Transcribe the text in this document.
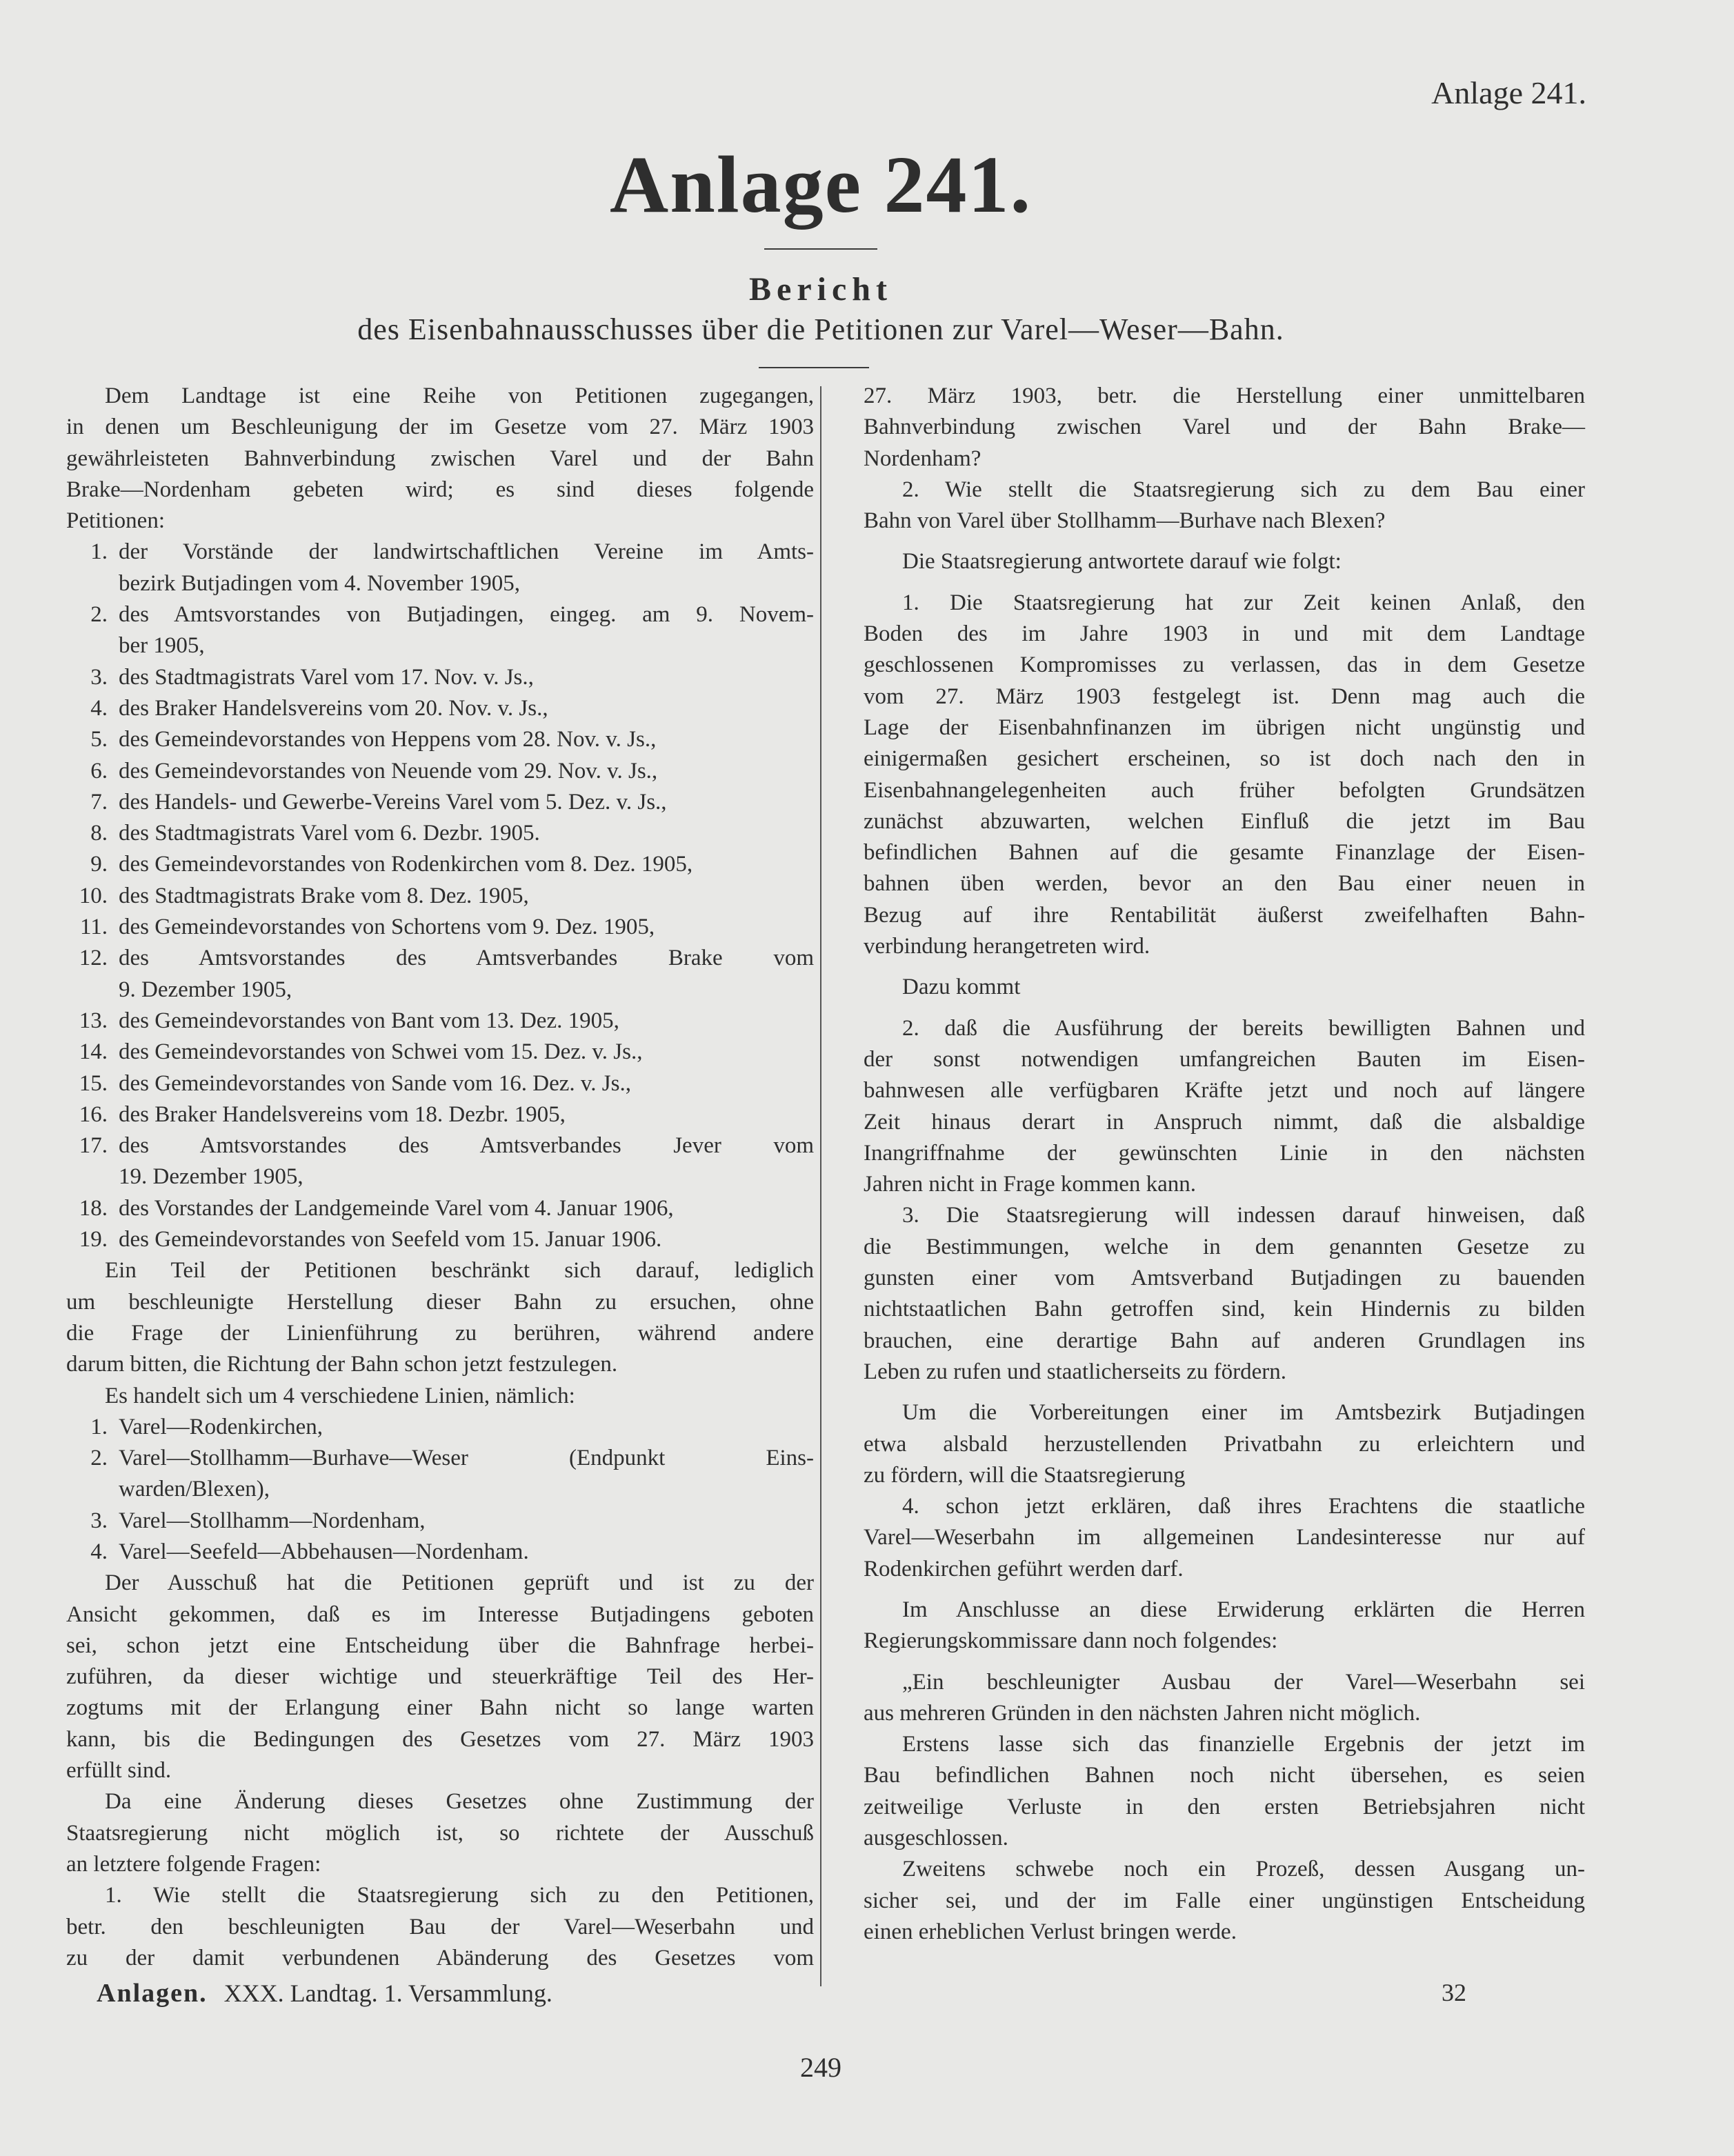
Anlage 241.
Anlage 241.
Bericht
des Eisenbahnausschusses über die Petitionen zur Varel—Weser—Bahn.
Dem Landtage ist eine Reihe von Petitionen zugegangen,
in denen um Beschleunigung der im Gesetze vom 27. März 1903
gewährleisteten Bahnverbindung zwischen Varel und der Bahn
Brake—Nordenham gebeten wird; es sind dieses folgende
Petitionen:
1. der Vorstände der landwirtschaftlichen Vereine im Amts-
bezirk Butjadingen vom 4. November 1905,
2. des Amtsvorstandes von Butjadingen, eingeg. am 9. Novem-
ber 1905,
3. des Stadtmagistrats Varel vom 17. Nov. v. Js.,
4. des Braker Handelsvereins vom 20. Nov. v. Js.,
5. des Gemeindevorstandes von Heppens vom 28. Nov. v. Js.,
6. des Gemeindevorstandes von Neuende vom 29. Nov. v. Js.,
7. des Handels- und Gewerbe-Vereins Varel vom 5. Dez. v. Js.,
8. des Stadtmagistrats Varel vom 6. Dezbr. 1905.
9. des Gemeindevorstandes von Rodenkirchen vom 8. Dez. 1905,
10. des Stadtmagistrats Brake vom 8. Dez. 1905,
11. des Gemeindevorstandes von Schortens vom 9. Dez. 1905,
12. des Amtsvorstandes des Amtsverbandes Brake vom
9. Dezember 1905,
13. des Gemeindevorstandes von Bant vom 13. Dez. 1905,
14. des Gemeindevorstandes von Schwei vom 15. Dez. v. Js.,
15. des Gemeindevorstandes von Sande vom 16. Dez. v. Js.,
16. des Braker Handelsvereins vom 18. Dezbr. 1905,
17. des Amtsvorstandes des Amtsverbandes Jever vom
19. Dezember 1905,
18. des Vorstandes der Landgemeinde Varel vom 4. Januar 1906,
19. des Gemeindevorstandes von Seefeld vom 15. Januar 1906.
Ein Teil der Petitionen beschränkt sich darauf, lediglich
um beschleunigte Herstellung dieser Bahn zu ersuchen, ohne
die Frage der Linienführung zu berühren, während andere
darum bitten, die Richtung der Bahn schon jetzt festzulegen.
Es handelt sich um 4 verschiedene Linien, nämlich:
1. Varel—Rodenkirchen,
2. Varel—Stollhamm—Burhave—Weser (Endpunkt Eins-
warden/Blexen),
3. Varel—Stollhamm—Nordenham,
4. Varel—Seefeld—Abbehausen—Nordenham.
Der Ausschuß hat die Petitionen geprüft und ist zu der
Ansicht gekommen, daß es im Interesse Butjadingens geboten
sei, schon jetzt eine Entscheidung über die Bahnfrage herbei-
zuführen, da dieser wichtige und steuerkräftige Teil des Her-
zogtums mit der Erlangung einer Bahn nicht so lange warten
kann, bis die Bedingungen des Gesetzes vom 27. März 1903
erfüllt sind.
Da eine Änderung dieses Gesetzes ohne Zustimmung der
Staatsregierung nicht möglich ist, so richtete der Ausschuß
an letztere folgende Fragen:
1. Wie stellt die Staatsregierung sich zu den Petitionen,
betr. den beschleunigten Bau der Varel—Weserbahn und
zu der damit verbundenen Abänderung des Gesetzes vom
27. März 1903, betr. die Herstellung einer unmittelbaren
Bahnverbindung zwischen Varel und der Bahn Brake—
Nordenham?
2. Wie stellt die Staatsregierung sich zu dem Bau einer
Bahn von Varel über Stollhamm—Burhave nach Blexen?
Die Staatsregierung antwortete darauf wie folgt:
1. Die Staatsregierung hat zur Zeit keinen Anlaß, den
Boden des im Jahre 1903 in und mit dem Landtage
geschlossenen Kompromisses zu verlassen, das in dem Gesetze
vom 27. März 1903 festgelegt ist. Denn mag auch die
Lage der Eisenbahnfinanzen im übrigen nicht ungünstig und
einigermaßen gesichert erscheinen, so ist doch nach den in
Eisenbahnangelegenheiten auch früher befolgten Grundsätzen
zunächst abzuwarten, welchen Einfluß die jetzt im Bau
befindlichen Bahnen auf die gesamte Finanzlage der Eisen-
bahnen üben werden, bevor an den Bau einer neuen in
Bezug auf ihre Rentabilität äußerst zweifelhaften Bahn-
verbindung herangetreten wird.
Dazu kommt
2. daß die Ausführung der bereits bewilligten Bahnen und
der sonst notwendigen umfangreichen Bauten im Eisen-
bahnwesen alle verfügbaren Kräfte jetzt und noch auf längere
Zeit hinaus derart in Anspruch nimmt, daß die alsbaldige
Inangriffnahme der gewünschten Linie in den nächsten
Jahren nicht in Frage kommen kann.
3. Die Staatsregierung will indessen darauf hinweisen, daß
die Bestimmungen, welche in dem genannten Gesetze zu
gunsten einer vom Amtsverband Butjadingen zu bauenden
nichtstaatlichen Bahn getroffen sind, kein Hindernis zu bilden
brauchen, eine derartige Bahn auf anderen Grundlagen ins
Leben zu rufen und staatlicherseits zu fördern.
Um die Vorbereitungen einer im Amtsbezirk Butjadingen
etwa alsbald herzustellenden Privatbahn zu erleichtern und
zu fördern, will die Staatsregierung
4. schon jetzt erklären, daß ihres Erachtens die staatliche
Varel—Weserbahn im allgemeinen Landesinteresse nur auf
Rodenkirchen geführt werden darf.
Im Anschlusse an diese Erwiderung erklärten die Herren
Regierungskommissare dann noch folgendes:
„Ein beschleunigter Ausbau der Varel—Weserbahn sei
aus mehreren Gründen in den nächsten Jahren nicht möglich.
Erstens lasse sich das finanzielle Ergebnis der jetzt im
Bau befindlichen Bahnen noch nicht übersehen, es seien
zeitweilige Verluste in den ersten Betriebsjahren nicht
ausgeschlossen.
Zweitens schwebe noch ein Prozeß, dessen Ausgang un-
sicher sei, und der im Falle einer ungünstigen Entscheidung
einen erheblichen Verlust bringen werde.
Anlagen. XXX. Landtag. 1. Versammlung.	32
249
